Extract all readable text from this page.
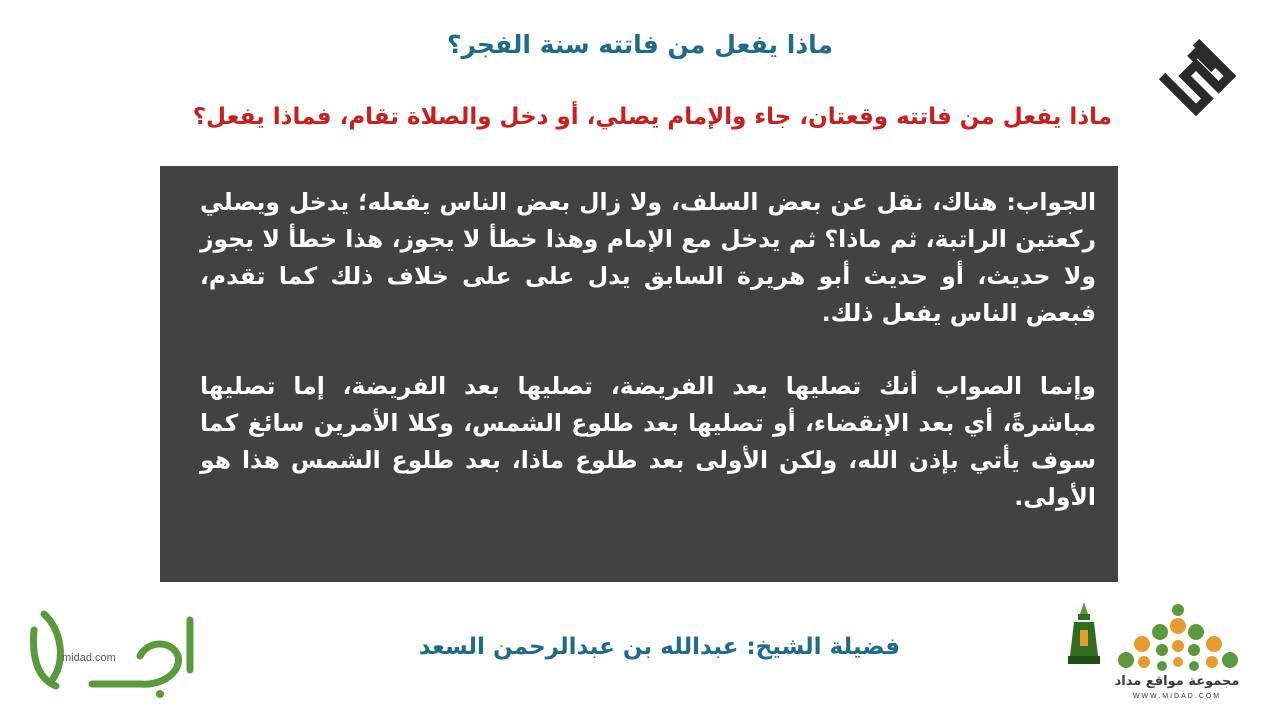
ماذا يفعل من فاتته سنة الفجر؟

ماذا يفعل من فاتته وقعتان، جاء والإمام يصلي، أو دخل والصلاة تقام، فماذا يفعل؟

الجواب: هناك، نقل عن بعض السلف، ولا زال بعض الناس يفعله؛ يدخل ويصلي ركعتين الراتبة، ثم ماذا؟ ثم يدخل مع الإمام وهذا خطأ لا يجوز، هذا خطأ لا يجوز ولا حديث، أو حديث أبو هريرة السابق يدل على على خلاف ذلك كما تقدم، فبعض الناس يفعل ذلك.

وإنما الصواب أنك تصليها بعد الفريضة، تصليها بعد الفريضة، إما تصليها مباشرةً، أي بعد الإنقضاء، أو تصليها بعد طلوع الشمس، وكلا الأمرين سائغ كما سوف يأتي بإذن الله، ولكن الأولى بعد طلوع ماذا، بعد طلوع الشمس هذا هو الأولى.

midad.com	فضيلة الشيخ: عبدالله بن عبدالرحمن السعد
مجموعة مواقع مداد
WWW.MIDAD.COM
